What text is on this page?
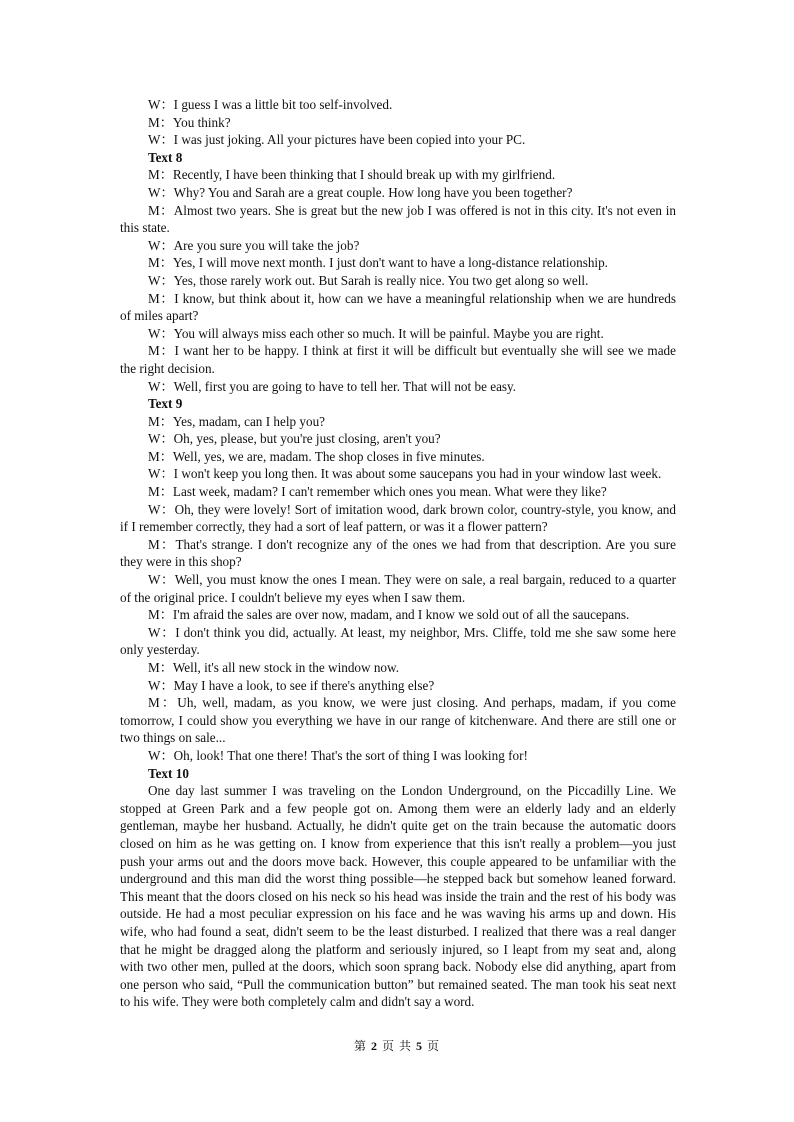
W：I guess I was a little bit too self-involved.

M：You think?

W：I was just joking. All your pictures have been copied into your PC.

Text 8

M：Recently, I have been thinking that I should break up with my girlfriend.

W：Why? You and Sarah are a great couple. How long have you been together?

M：Almost two years. She is great but the new job I was offered is not in this city. It's not even in this state.

W：Are you sure you will take the job?

M：Yes, I will move next month. I just don't want to have a long-distance relationship.

W：Yes, those rarely work out. But Sarah is really nice. You two get along so well.

M：I know, but think about it, how can we have a meaningful relationship when we are hundreds of miles apart?

W：You will always miss each other so much. It will be painful. Maybe you are right.

M：I want her to be happy. I think at first it will be difficult but eventually she will see we made the right decision.

W：Well, first you are going to have to tell her. That will not be easy.

Text 9

M：Yes, madam, can I help you?

W：Oh, yes, please, but you're just closing, aren't you?

M：Well, yes, we are, madam. The shop closes in five minutes.

W：I won't keep you long then. It was about some saucepans you had in your window last week.

M：Last week, madam? I can't remember which ones you mean. What were they like?

W：Oh, they were lovely! Sort of imitation wood, dark brown color, country-style, you know, and if I remember correctly, they had a sort of leaf pattern, or was it a flower pattern?

M：That's strange. I don't recognize any of the ones we had from that description. Are you sure they were in this shop?

W：Well, you must know the ones I mean. They were on sale, a real bargain, reduced to a quarter of the original price. I couldn't believe my eyes when I saw them.

M：I'm afraid the sales are over now, madam, and I know we sold out of all the saucepans.

W：I don't think you did, actually. At least, my neighbor, Mrs. Cliffe, told me she saw some here only yesterday.

M：Well, it's all new stock in the window now.

W：May I have a look, to see if there's anything else?

M：Uh, well, madam, as you know, we were just closing. And perhaps, madam, if you come tomorrow, I could show you everything we have in our range of kitchenware. And there are still one or two things on sale...

W：Oh, look! That one there! That's the sort of thing I was looking for!

Text 10

One day last summer I was traveling on the London Underground, on the Piccadilly Line. We stopped at Green Park and a few people got on. Among them were an elderly lady and an elderly gentleman, maybe her husband. Actually, he didn't quite get on the train because the automatic doors closed on him as he was getting on. I know from experience that this isn't really a problem—you just push your arms out and the doors move back. However, this couple appeared to be unfamiliar with the underground and this man did the worst thing possible—he stepped back but somehow leaned forward. This meant that the doors closed on his neck so his head was inside the train and the rest of his body was outside. He had a most peculiar expression on his face and he was waving his arms up and down. His wife, who had found a seat, didn't seem to be the least disturbed. I realized that there was a real danger that he might be dragged along the platform and seriously injured, so I leapt from my seat and, along with two other men, pulled at the doors, which soon sprang back. Nobody else did anything, apart from one person who said, “Pull the communication button” but remained seated. The man took his seat next to his wife. They were both completely calm and didn't say a word.

第 2 页 共 5 页
